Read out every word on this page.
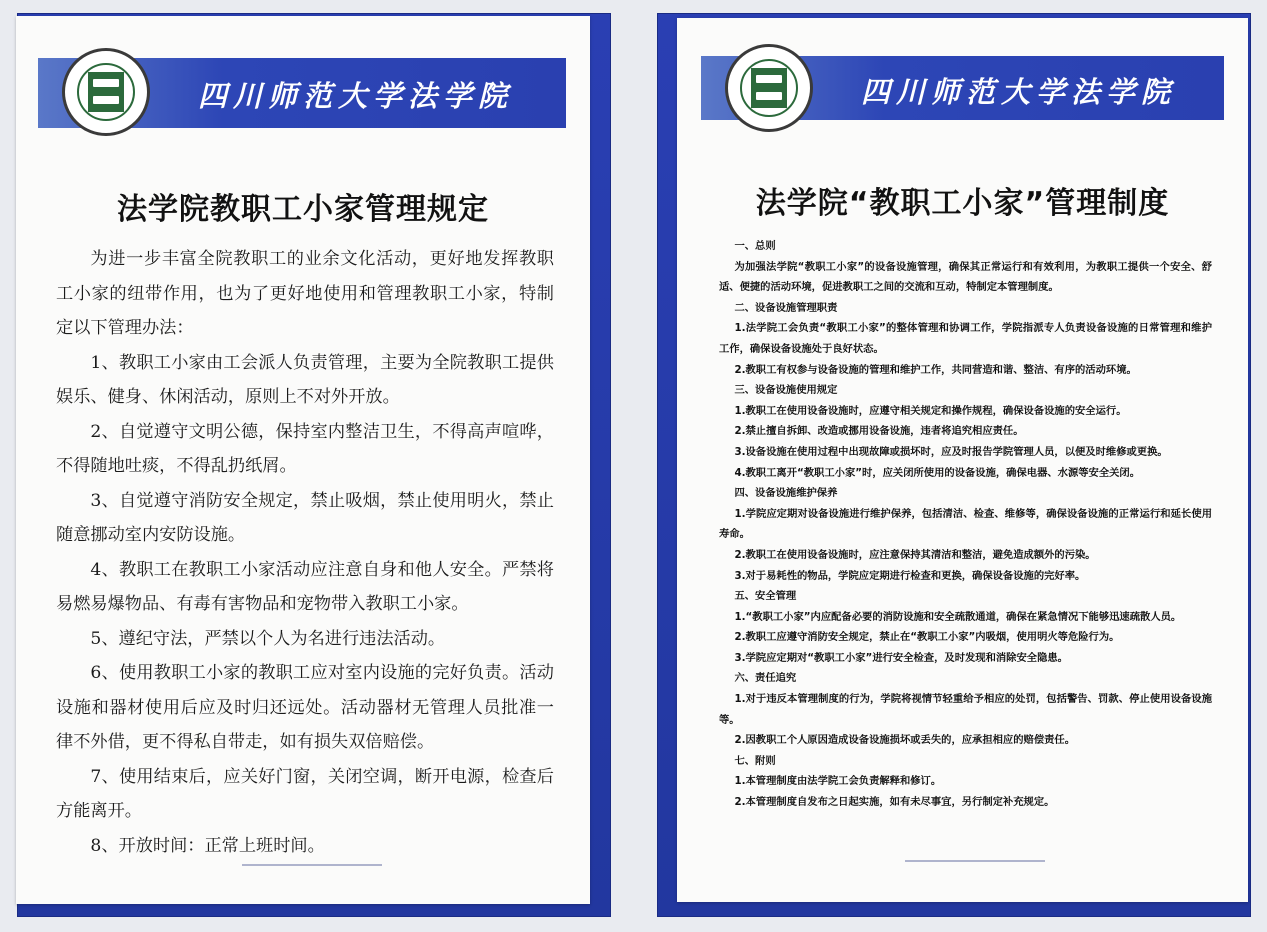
四川师范大学法学院
法学院教职工小家管理规定

为进一步丰富全院教职工的业余文化活动，更好地发挥教职工小家的纽带作用，也为了更好地使用和管理教职工小家，特制定以下管理办法：

1、教职工小家由工会派人负责管理，主要为全院教职工提供娱乐、健身、休闲活动，原则上不对外开放。

2、自觉遵守文明公德，保持室内整洁卫生，不得高声喧哗，不得随地吐痰，不得乱扔纸屑。

3、自觉遵守消防安全规定，禁止吸烟，禁止使用明火，禁止随意挪动室内安防设施。

4、教职工在教职工小家活动应注意自身和他人安全。严禁将易燃易爆物品、有毒有害物品和宠物带入教职工小家。

5、遵纪守法，严禁以个人为名进行违法活动。

6、使用教职工小家的教职工应对室内设施的完好负责。活动设施和器材使用后应及时归还远处。活动器材无管理人员批准一律不外借，更不得私自带走，如有损失双倍赔偿。

7、使用结束后，应关好门窗，关闭空调，断开电源，检查后方能离开。

8、开放时间：正常上班时间。

四川师范大学法学院
法学院“教职工小家”管理制度

一、总则

为加强法学院“教职工小家”的设备设施管理，确保其正常运行和有效利用，为教职工提供一个安全、舒适、便捷的活动环境，促进教职工之间的交流和互动，特制定本管理制度。

二、设备设施管理职责

1.法学院工会负责“教职工小家”的整体管理和协调工作，学院指派专人负责设备设施的日常管理和维护工作，确保设备设施处于良好状态。

2.教职工有权参与设备设施的管理和维护工作，共同营造和谐、整洁、有序的活动环境。

三、设备设施使用规定

1.教职工在使用设备设施时，应遵守相关规定和操作规程，确保设备设施的安全运行。

2.禁止擅自拆卸、改造或挪用设备设施，违者将追究相应责任。

3.设备设施在使用过程中出现故障或损坏时，应及时报告学院管理人员，以便及时维修或更换。

4.教职工离开“教职工小家”时，应关闭所使用的设备设施，确保电器、水源等安全关闭。

四、设备设施维护保养

1.学院应定期对设备设施进行维护保养，包括清洁、检查、维修等，确保设备设施的正常运行和延长使用寿命。

2.教职工在使用设备设施时，应注意保持其清洁和整洁，避免造成额外的污染。

3.对于易耗性的物品，学院应定期进行检查和更换，确保设备设施的完好率。

五、安全管理

1.“教职工小家”内应配备必要的消防设施和安全疏散通道，确保在紧急情况下能够迅速疏散人员。

2.教职工应遵守消防安全规定，禁止在“教职工小家”内吸烟，使用明火等危险行为。

3.学院应定期对“教职工小家”进行安全检查，及时发现和消除安全隐患。

六、责任追究

1.对于违反本管理制度的行为，学院将视情节轻重给予相应的处罚，包括警告、罚款、停止使用设备设施等。

2.因教职工个人原因造成设备设施损坏或丢失的，应承担相应的赔偿责任。

七、附则

1.本管理制度由法学院工会负责解释和修订。

2.本管理制度自发布之日起实施，如有未尽事宜，另行制定补充规定。
